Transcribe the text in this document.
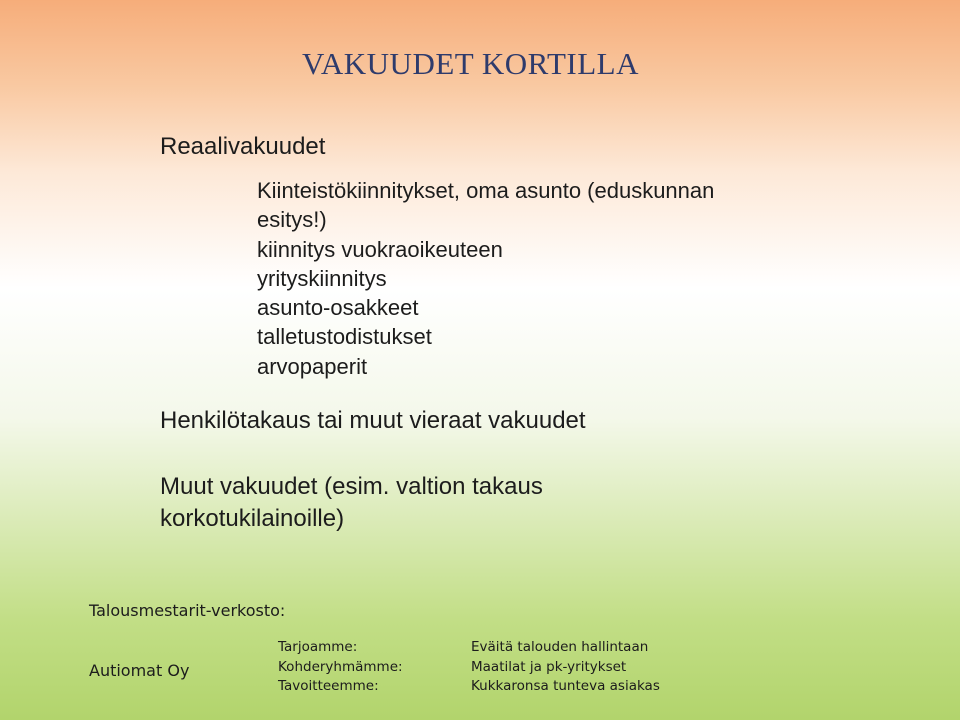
VAKUUDET KORTILLA
Reaalivakuudet
Kiinteistökiinnitykset, oma asunto (eduskunnan
esitys!)
kiinnitys vuokraoikeuteen
yrityskiinnitys
asunto-osakkeet
talletustodistukset
arvopaperit
Henkilötakaus tai muut vieraat vakuudet
Muut vakuudet (esim. valtion takaus
korkotukilainoille)
Talousmestarit-verkosto:
Autiomat Oy
Tarjoamme:
Kohderyhmämme:
Tavoitteemme:
Eväitä talouden hallintaan
Maatilat ja pk-yritykset
Kukkaronsa tunteva asiakas
